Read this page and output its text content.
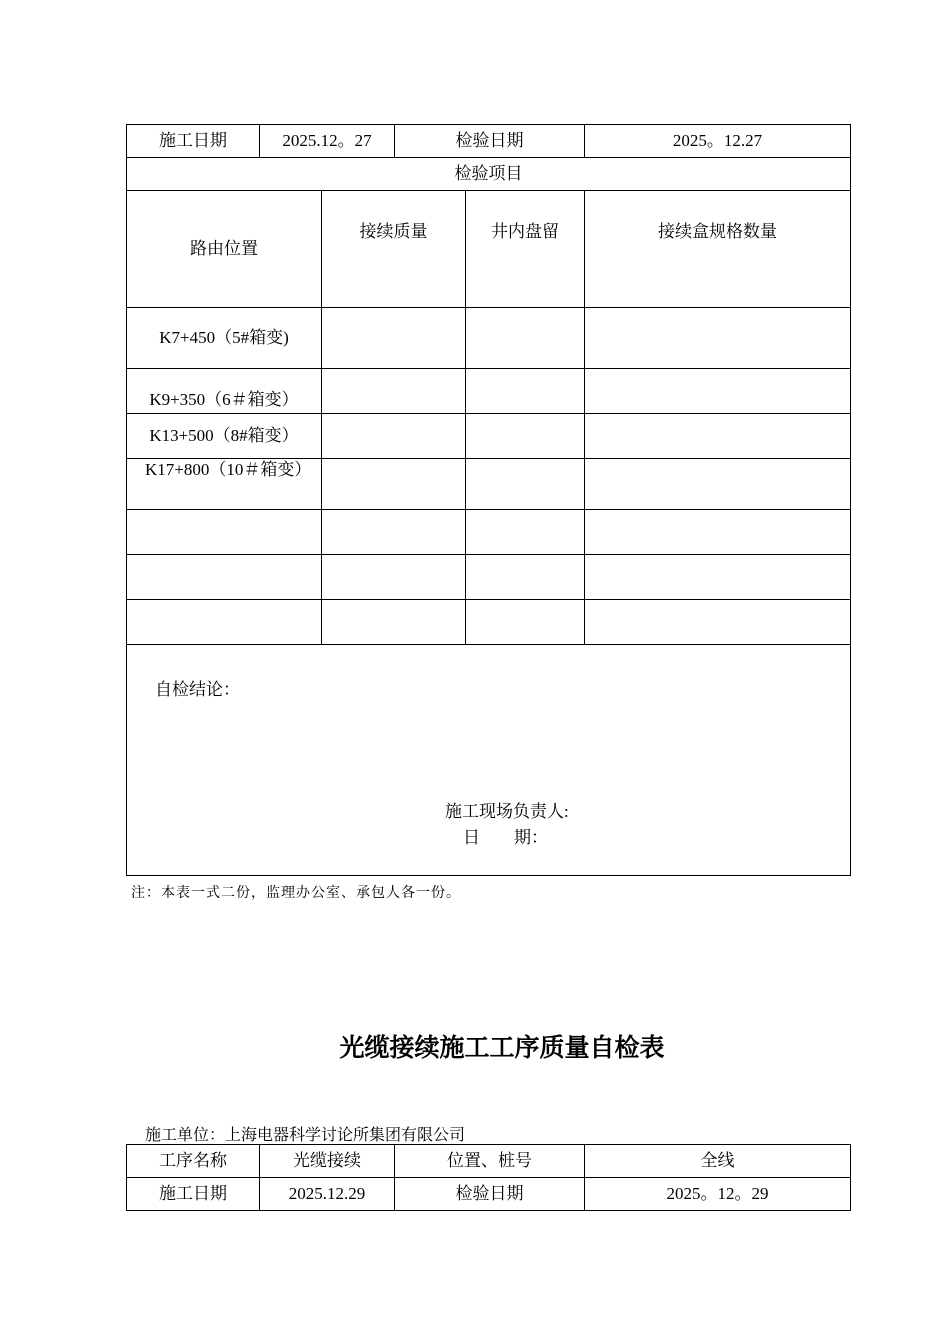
施工日期	2025.12。27		检验日期		2025。12.27
检验项目					
路由位置		接续质量		井内盘留	接续盒规格数量

K7+450（5#箱变)					

K9+350（6＃箱变）					

K13+500（8#箱变）					
K17+800（10＃箱变）					

自检结论：
施工现场负责人:
日　　期：					
注：本表一式二份，监理办公室、承包人各一份。
光缆接续施工工序质量自检表
施工单位：上海电器科学讨论所集团有限公司
工序名称	光缆接续	位置、桩号	全线
施工日期	2025.12.29	检验日期	2025。12。29
